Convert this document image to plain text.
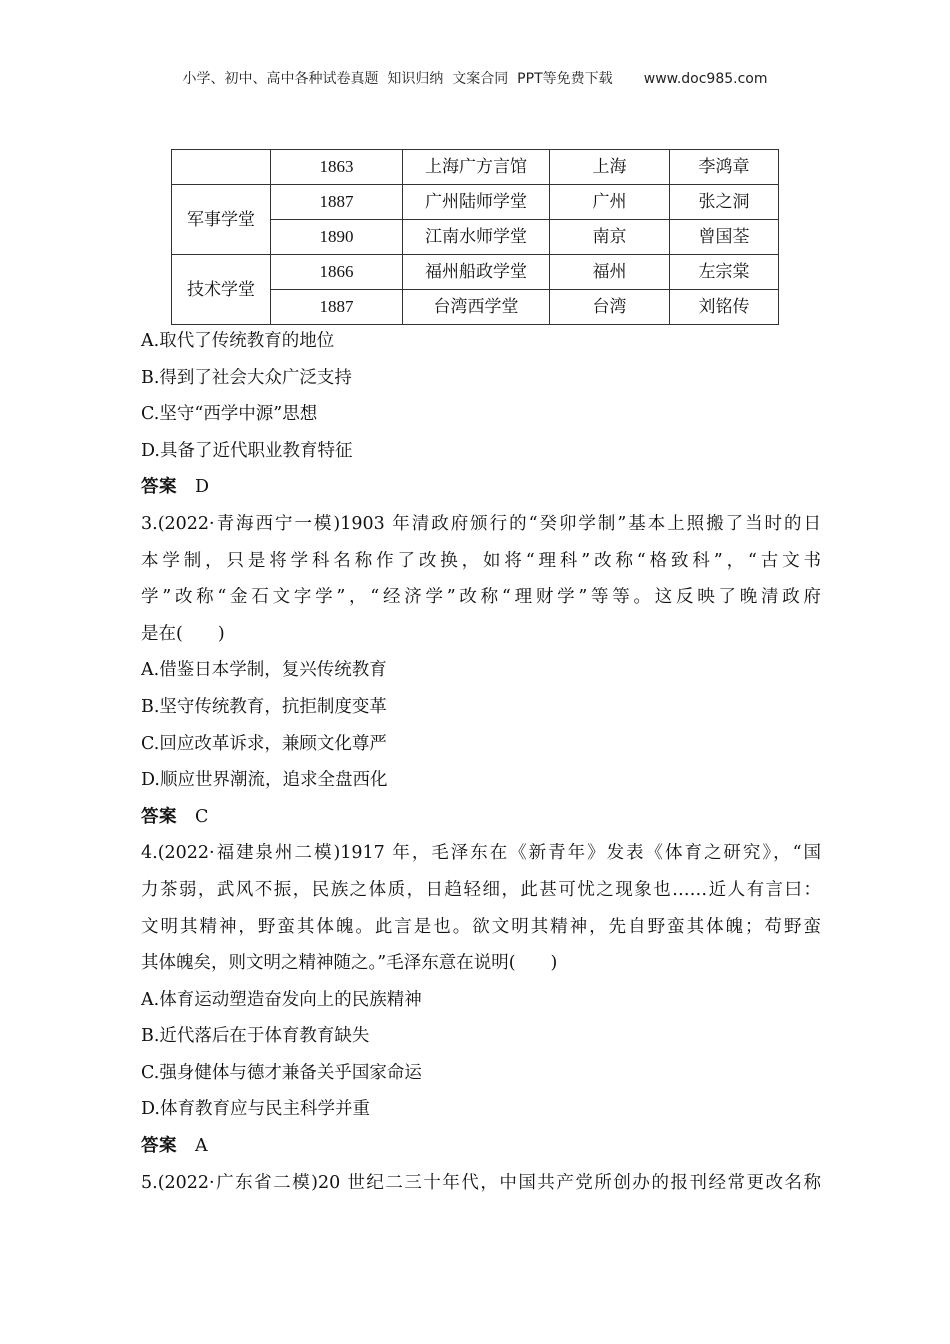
小学、初中、高中各种试卷真题  知识归纳  文案合同  PPT等免费下载       www.doc985.com
	1863	上海广方言馆	上海	李鸿章
军事学堂	1887	广州陆师学堂	广州	张之洞
	1890	江南水师学堂	南京	曾国荃
技术学堂	1866	福州船政学堂	福州	左宗棠
	1887	台湾西学堂	台湾	刘铭传

A.取代了传统教育的地位

B.得到了社会大众广泛支持

C.坚守“西学中源”思想

D.具备了近代职业教育特征

答案 D

3.(2022·青海西宁一模)1903 年清政府颁行的“癸卯学制”基本上照搬了当时的日

本学制，只是将学科名称作了改换，如将“理科”改称“格致科”，“古文书

学”改称“金石文字学”，“经济学”改称“理财学”等等。这反映了晚清政府

是在(　　)

A.借鉴日本学制，复兴传统教育

B.坚守传统教育，抗拒制度变革

C.回应改革诉求，兼顾文化尊严

D.顺应世界潮流，追求全盘西化

答案 C

4.(2022·福建泉州二模)1917 年，毛泽东在《新青年》发表《体育之研究》，“国

力茶弱，武风不振，民族之体质，日趋轻细，此甚可忧之现象也……近人有言曰：

文明其精神，野蛮其体魄。此言是也。欲文明其精神，先自野蛮其体魄；苟野蛮

其体魄矣，则文明之精神随之。”毛泽东意在说明(　　)

A.体育运动塑造奋发向上的民族精神

B.近代落后在于体育教育缺失

C.强身健体与德才兼备关乎国家命运

D.体育教育应与民主科学并重

答案 A

5.(2022·广东省二模)20 世纪二三十年代，中国共产党所创办的报刊经常更改名称
